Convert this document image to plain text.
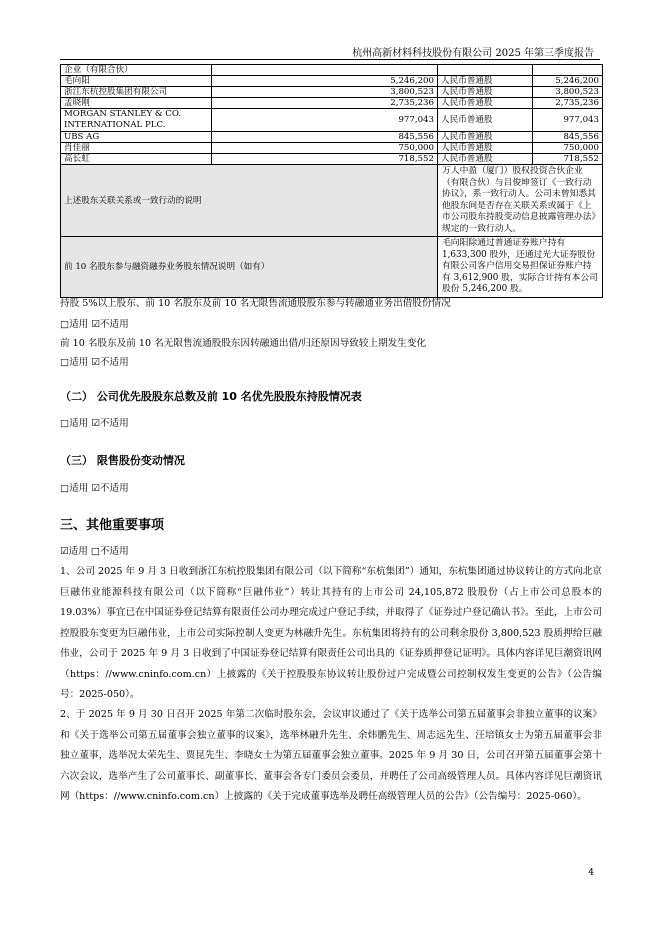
杭州高新材料科技股份有限公司 2025 年第三季度报告
企业（有限合伙）			
毛向阳	5,246,200	人民币普通股	5,246,200
浙江东杭控股集团有限公司	3,800,523	人民币普通股	3,800,523
孟晓刚	2,735,236	人民币普通股	2,735,236
MORGAN STANLEY & CO. INTERNATIONAL PLC.	977,043	人民币普通股	977,043
UBS AG	845,556	人民币普通股	845,556
肖佳丽	750,000	人民币普通股	750,000
高长虹	718,552	人民币普通股	718,552
上述股东关联关系或一致行动的说明		万人中盈（厦门）股权投资合伙企业（有限合伙）与吕俊坤签订《一致行动协议》，系一致行动人。公司未曾知悉其他股东间是否存在关联关系或属于《上市公司股东持股变动信息披露管理办法》规定的一致行动人。	
前 10 名股东参与融资融券业务股东情况说明（如有）		毛向阳除通过普通证券账户持有 1,633,300 股外，还通过光大证券股份有限公司客户信用交易担保证券账户持有 3,612,900 股，实际合计持有本公司股份 5,246,200 股。	
持股 5%以上股东、前 10 名股东及前 10 名无限售流通股股东参与转融通业务出借股份情况
□适用 ☑不适用
前 10 名股东及前 10 名无限售流通股股东因转融通出借/归还原因导致较上期发生变化
□适用 ☑不适用
（二） 公司优先股股东总数及前 10 名优先股股东持股情况表
□适用 ☑不适用
（三） 限售股份变动情况
□适用 ☑不适用
三、其他重要事项
☑适用 □不适用
1、公司 2025 年 9 月 3 日收到浙江东杭控股集团有限公司（以下简称“东杭集团”）通知，东杭集团通过协议转让的方式向北京巨融伟业能源科技有限公司（以下简称“巨融伟业”）转让其持有的上市公司 24,105,872 股股份（占上市公司总股本的 19.03%）事宜已在中国证券登记结算有限责任公司办理完成过户登记手续，并取得了《证券过户登记确认书》。至此，上市公司控股股东变更为巨融伟业，上市公司实际控制人变更为林融升先生。东杭集团将持有的公司剩余股份 3,800,523 股质押给巨融伟业，公司于 2025 年 9 月 3 日收到了中国证券登记结算有限责任公司出具的《证券质押登记证明》。具体内容详见巨潮资讯网（https：//www.cninfo.com.cn）上披露的《关于控股股东协议转让股份过户完成暨公司控制权发生变更的公告》（公告编号：2025-050）。
2、于 2025 年 9 月 30 日召开 2025 年第二次临时股东会，会议审议通过了《关于选举公司第五届董事会非独立董事的议案》和《关于选举公司第五届董事会独立董事的议案》，选举林融升先生、余炜鹏先生、周志远先生、汪培镇女士为第五届董事会非独立董事，选举况太荣先生、贾昆先生、李晓女士为第五届董事会独立董事。2025 年 9 月 30 日，公司召开第五届董事会第十六次会议，选举产生了公司董事长、副董事长、董事会各专门委员会委员，并聘任了公司高级管理人员。具体内容详见巨潮资讯网（https：//www.cninfo.com.cn）上披露的《关于完成董事选举及聘任高级管理人员的公告》（公告编号：2025-060）。
4
